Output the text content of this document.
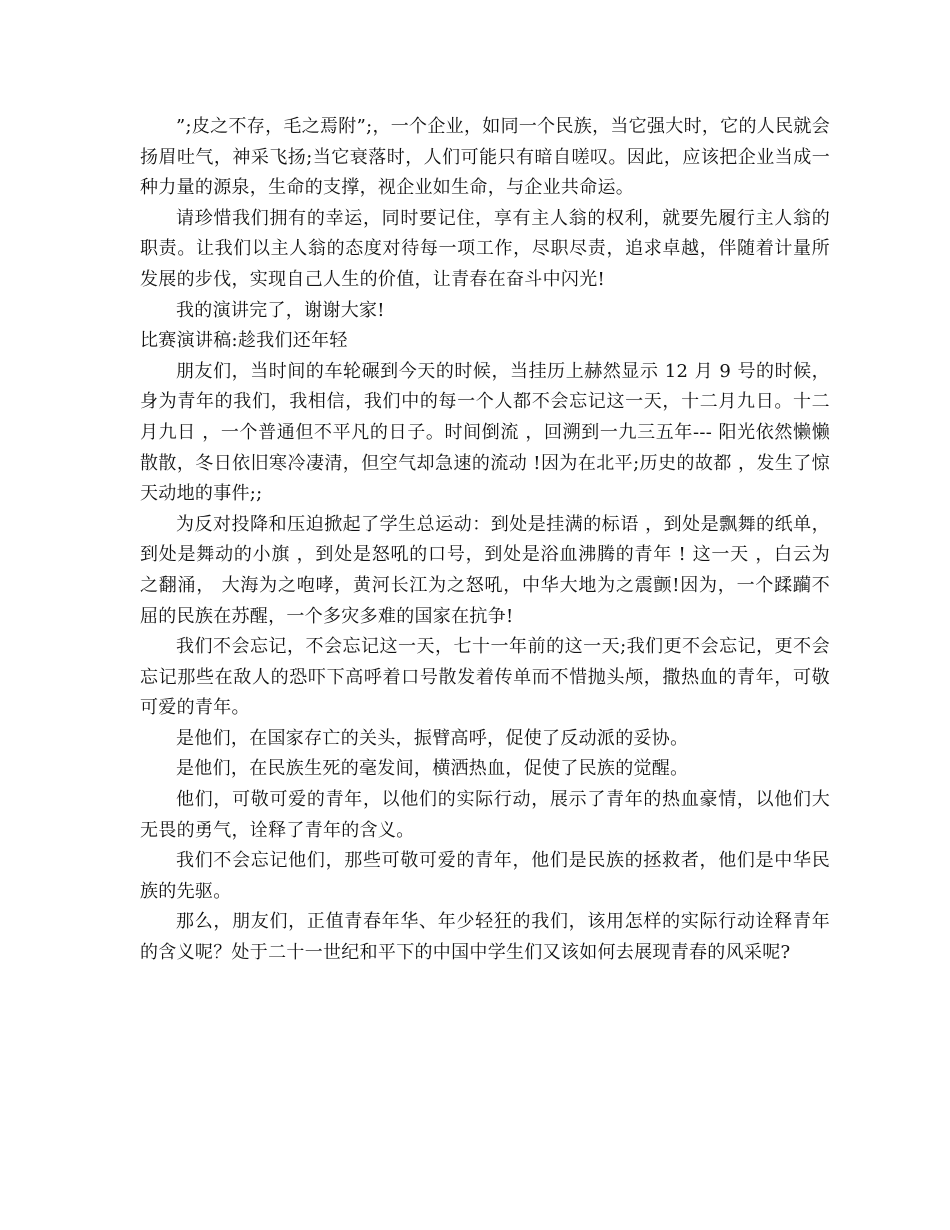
”;皮之不存，毛之焉附”;，一个企业，如同一个民族，当它强大时，它的人民就会扬眉吐气，神采飞扬;当它衰落时，人们可能只有暗自嗟叹。因此，应该把企业当成一种力量的源泉，生命的支撑，视企业如生命，与企业共命运。

请珍惜我们拥有的幸运，同时要记住，享有主人翁的权利，就要先履行主人翁的职责。让我们以主人翁的态度对待每一项工作，尽职尽责，追求卓越，伴随着计量所发展的步伐，实现自己人生的价值，让青春在奋斗中闪光!

我的演讲完了，谢谢大家!

比赛演讲稿:趁我们还年轻

朋友们，当时间的车轮碾到今天的时候，当挂历上赫然显示 12 月 9 号的时候，身为青年的我们，我相信，我们中的每一个人都不会忘记这一天，十二月九日。十二月九日 ，一个普通但不平凡的日子。时间倒流 ，回溯到一九三五年--- 阳光依然懒懒散散，冬日依旧寒冷凄清，但空气却急速的流动 !因为在北平;历史的故都 ，发生了惊天动地的事件;;

为反对投降和压迫掀起了学生总运动：到处是挂满的标语 ，到处是飘舞的纸单，到处是舞动的小旗 ，到处是怒吼的口号，到处是浴血沸腾的青年 ! 这一天 ，白云为之翻涌， 大海为之咆哮，黄河长江为之怒吼，中华大地为之震颤!因为，一个蹂躏不屈的民族在苏醒，一个多灾多难的国家在抗争!

我们不会忘记，不会忘记这一天，七十一年前的这一天;我们更不会忘记，更不会忘记那些在敌人的恐吓下高呼着口号散发着传单而不惜抛头颅，撒热血的青年，可敬可爱的青年。

是他们，在国家存亡的关头，振臂高呼，促使了反动派的妥协。

是他们，在民族生死的毫发间，横洒热血，促使了民族的觉醒。

他们，可敬可爱的青年，以他们的实际行动，展示了青年的热血豪情，以他们大无畏的勇气，诠释了青年的含义。

我们不会忘记他们，那些可敬可爱的青年，他们是民族的拯救者，他们是中华民族的先驱。

那么，朋友们，正值青春年华、年少轻狂的我们，该用怎样的实际行动诠释青年的含义呢？处于二十一世纪和平下的中国中学生们又该如何去展现青春的风采呢?
